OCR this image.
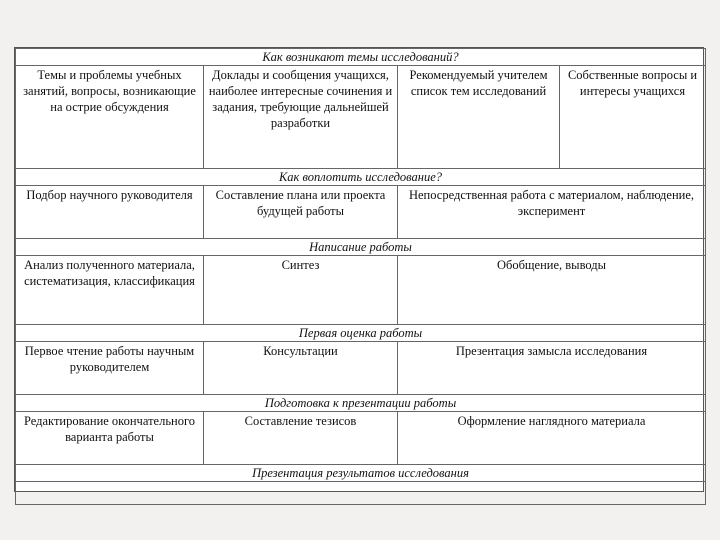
Как возникают темы исследований?			
Темы и проблемы учебных занятий, вопросы, возникающие на острие обсуждения	Доклады и сообщения учащихся, наиболее интересные сочинения и задания, требующие дальнейшей разработки	Рекомендуемый учителем список тем исследований	Собственные вопросы и интересы учащихся
Как воплотить исследование?			
Подбор научного руководителя	Составление плана или проекта будущей работы	Непосредственная работа с материалом, наблюдение, эксперимент	
Написание работы			
Анализ полученного материала, систематизация, классификация	Синтез	Обобщение, выводы	
Первая оценка работы			
Первое чтение работы научным руководителем	Консультации	Презентация замысла исследования	
Подготовка к презентации работы			
Редактирование окончательного варианта работы	Составление тезисов	Оформление наглядного материала	
Презентация результатов исследования			
